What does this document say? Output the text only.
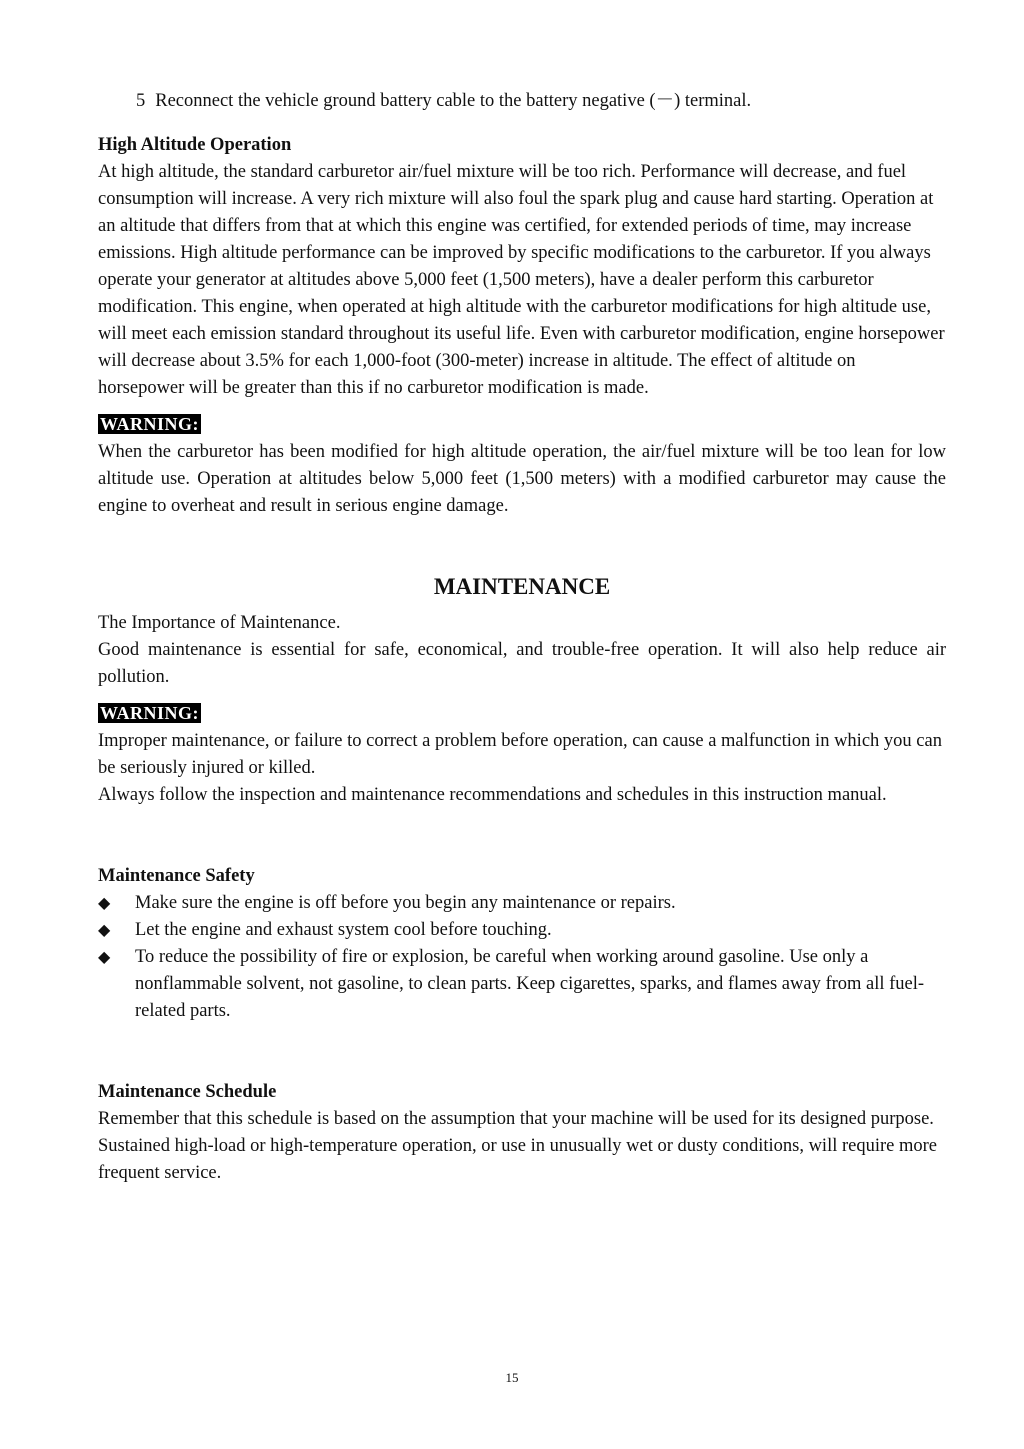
5 Reconnect the vehicle ground battery cable to the battery negative (－) terminal.

High Altitude Operation

At high altitude, the standard carburetor air/fuel mixture will be too rich. Performance will decrease, and fuel consumption will increase. A very rich mixture will also foul the spark plug and cause hard starting. Operation at an altitude that differs from that at which this engine was certified, for extended periods of time, may increase emissions. High altitude performance can be improved by specific modifications to the carburetor. If you always operate your generator at altitudes above 5,000 feet (1,500 meters), have a dealer perform this carburetor modification. This engine, when operated at high altitude with the carburetor modifications for high altitude use, will meet each emission standard throughout its useful life. Even with carburetor modification, engine horsepower will decrease about 3.5% for each 1,000-foot (300-meter) increase in altitude. The effect of altitude on horsepower will be greater than this if no carburetor modification is made.

WARNING:

When the carburetor has been modified for high altitude operation, the air/fuel mixture will be too lean for low altitude use. Operation at altitudes below 5,000 feet (1,500 meters) with a modified carburetor may cause the engine to overheat and result in serious engine damage.

MAINTENANCE

The Importance of Maintenance.

Good maintenance is essential for safe, economical, and trouble-free operation. It will also help reduce air pollution.

WARNING:

Improper maintenance, or failure to correct a problem before operation, can cause a malfunction in which you can be seriously injured or killed.

Always follow the inspection and maintenance recommendations and schedules in this instruction manual.

Maintenance Safety

◆ Make sure the engine is off before you begin any maintenance or repairs.
◆ Let the engine and exhaust system cool before touching.
◆ To reduce the possibility of fire or explosion, be careful when working around gasoline. Use only a nonflammable solvent, not gasoline, to clean parts. Keep cigarettes, sparks, and flames away from all fuel-related parts.

Maintenance Schedule

Remember that this schedule is based on the assumption that your machine will be used for its designed purpose. Sustained high-load or high-temperature operation, or use in unusually wet or dusty conditions, will require more frequent service.

15
